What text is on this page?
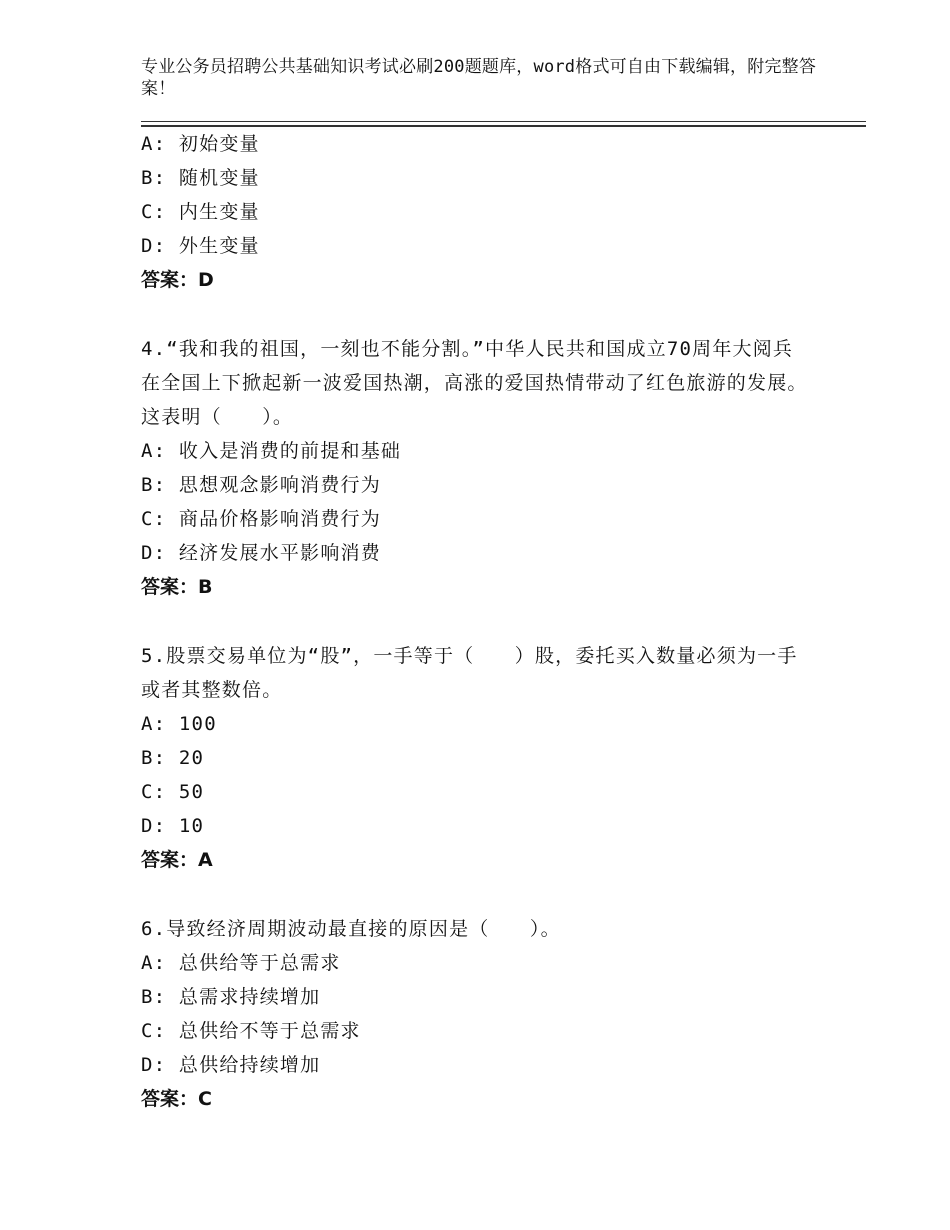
专业公务员招聘公共基础知识考试必刷200题题库，word格式可自由下载编辑，附完整答案！
A: 初始变量
B: 随机变量
C: 内生变量
D: 外生变量
答案：D
4.“我和我的祖国，一刻也不能分割。”中华人民共和国成立70周年大阅兵在全国上下掀起新一波爱国热潮，高涨的爱国热情带动了红色旅游的发展。这表明（　　）。
A: 收入是消费的前提和基础
B: 思想观念影响消费行为
C: 商品价格影响消费行为
D: 经济发展水平影响消费
答案：B
5.股票交易单位为“股”，一手等于（　　）股，委托买入数量必须为一手或者其整数倍。
A: 100
B: 20
C: 50
D: 10
答案：A
6.导致经济周期波动最直接的原因是（　　）。
A: 总供给等于总需求
B: 总需求持续增加
C: 总供给不等于总需求
D: 总供给持续增加
答案：C
